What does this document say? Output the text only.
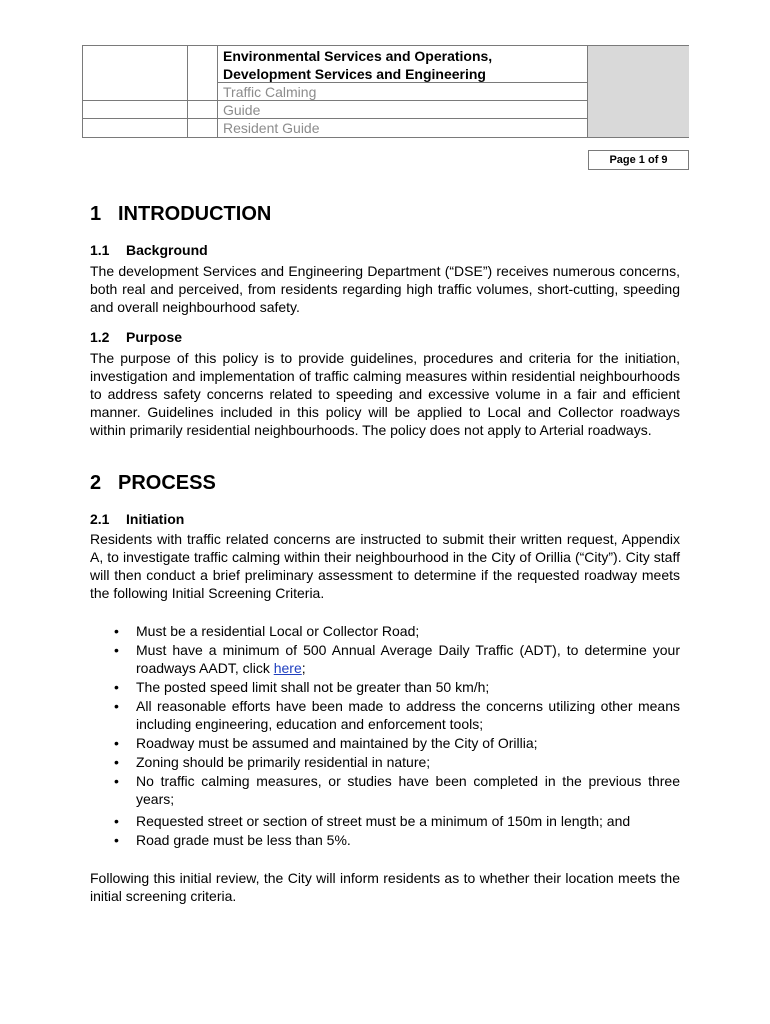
Environmental Services and Operations,
Development Services and Engineering
Traffic Calming
Guide
Resident Guide
Page 1 of 9
1 INTRODUCTION
1.1 Background

The development Services and Engineering Department (“DSE”) receives numerous concerns, both real and perceived, from residents regarding high traffic volumes, short-cutting, speeding and overall neighbourhood safety.

1.2 Purpose

The purpose of this policy is to provide guidelines, procedures and criteria for the initiation, investigation and implementation of traffic calming measures within residential neighbourhoods to address safety concerns related to speeding and excessive volume in a fair and efficient manner. Guidelines included in this policy will be applied to Local and Collector roadways within primarily residential neighbourhoods. The policy does not apply to Arterial roadways.

2 PROCESS
2.1 Initiation

Residents with traffic related concerns are instructed to submit their written request, Appendix A, to investigate traffic calming within their neighbourhood in the City of Orillia (“City”). City staff will then conduct a brief preliminary assessment to determine if the requested roadway meets the following Initial Screening Criteria.

• Must be a residential Local or Collector Road;
• Must have a minimum of 500 Annual Average Daily Traffic (ADT), to determine your roadways AADT, click here;
• The posted speed limit shall not be greater than 50 km/h;
• All reasonable efforts have been made to address the concerns utilizing other means including engineering, education and enforcement tools;
• Roadway must be assumed and maintained by the City of Orillia;
• Zoning should be primarily residential in nature;
• No traffic calming measures, or studies have been completed in the previous three years;
• Requested street or section of street must be a minimum of 150m in length; and
• Road grade must be less than 5%.

Following this initial review, the City will inform residents as to whether their location meets the initial screening criteria.
